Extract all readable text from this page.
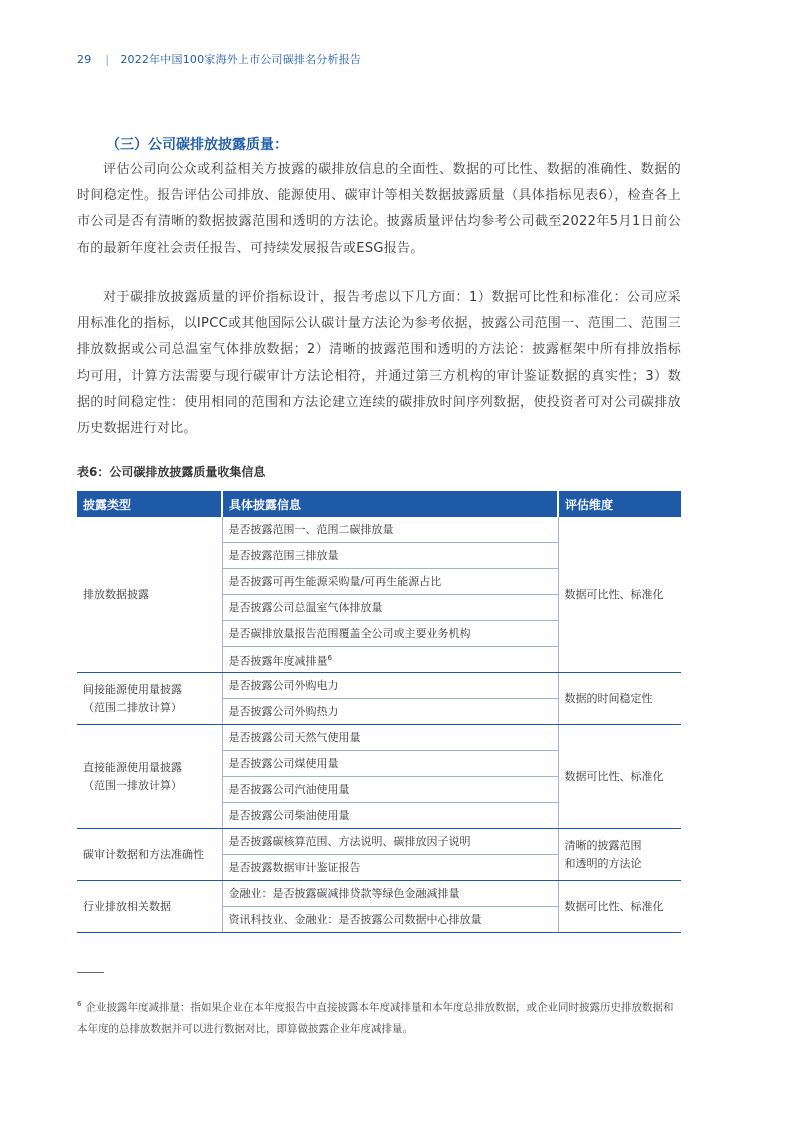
29 | 2022年中国100家海外上市公司碳排名分析报告
（三）公司碳排放披露质量：

评估公司向公众或利益相关方披露的碳排放信息的全面性、数据的可比性、数据的准确性、数据的时间稳定性。报告评估公司排放、能源使用、碳审计等相关数据披露质量（具体指标见表6），检查各上市公司是否有清晰的数据披露范围和透明的方法论。披露质量评估均参考公司截至2022年5月1日前公布的最新年度社会责任报告、可持续发展报告或ESG报告。

对于碳排放披露质量的评价指标设计，报告考虑以下几方面：1）数据可比性和标准化：公司应采用标准化的指标，以IPCC或其他国际公认碳计量方法论为参考依据，披露公司范围一、范围二、范围三排放数据或公司总温室气体排放数据；2）清晰的披露范围和透明的方法论：披露框架中所有排放指标均可用，计算方法需要与现行碳审计方法论相符，并通过第三方机构的审计鉴证数据的真实性；3）数据的时间稳定性：使用相同的范围和方法论建立连续的碳排放时间序列数据，使投资者可对公司碳排放历史数据进行对比。

表6：公司碳排放披露质量收集信息
披露类型	具体披露信息	评估维度
排放数据披露	是否披露范围一、范围二碳排放量	数据可比性、标准化
	是否披露范围三排放量	
	是否披露可再生能源采购量/可再生能源占比	
	是否披露公司总温室气体排放量	
	是否碳排放量报告范围覆盖全公司或主要业务机构	
	是否披露年度减排量$^6$

间接能源使用量披露
（范围二排放计算）	是否披露公司外购电力	数据的时间稳定性
	是否披露公司外购热力	

直接能源使用量披露
（范围一排放计算）	是否披露公司天然气使用量	数据可比性、标准化
	是否披露公司煤使用量	
	是否披露公司汽油使用量	
	是否披露公司柴油使用量	
碳审计数据和方法准确性	是否披露碳核算范围、方法说明、碳排放因子说明	清晰的披露范围
和透明的方法论

	是否披露数据审计鉴证报告	
行业排放相关数据	金融业：是否披露碳减排贷款等绿色金融减排量	数据可比性、标准化
	资讯科技业、金融业：是否披露公司数据中心排放量	

$^6$ 企业披露年度减排量：指如果企业在本年度报告中直接披露本年度减排量和本年度总排放数据，或企业同时披露历史排放数据和本年度的总排放数据并可以进行数据对比，即算做披露企业年度减排量。
